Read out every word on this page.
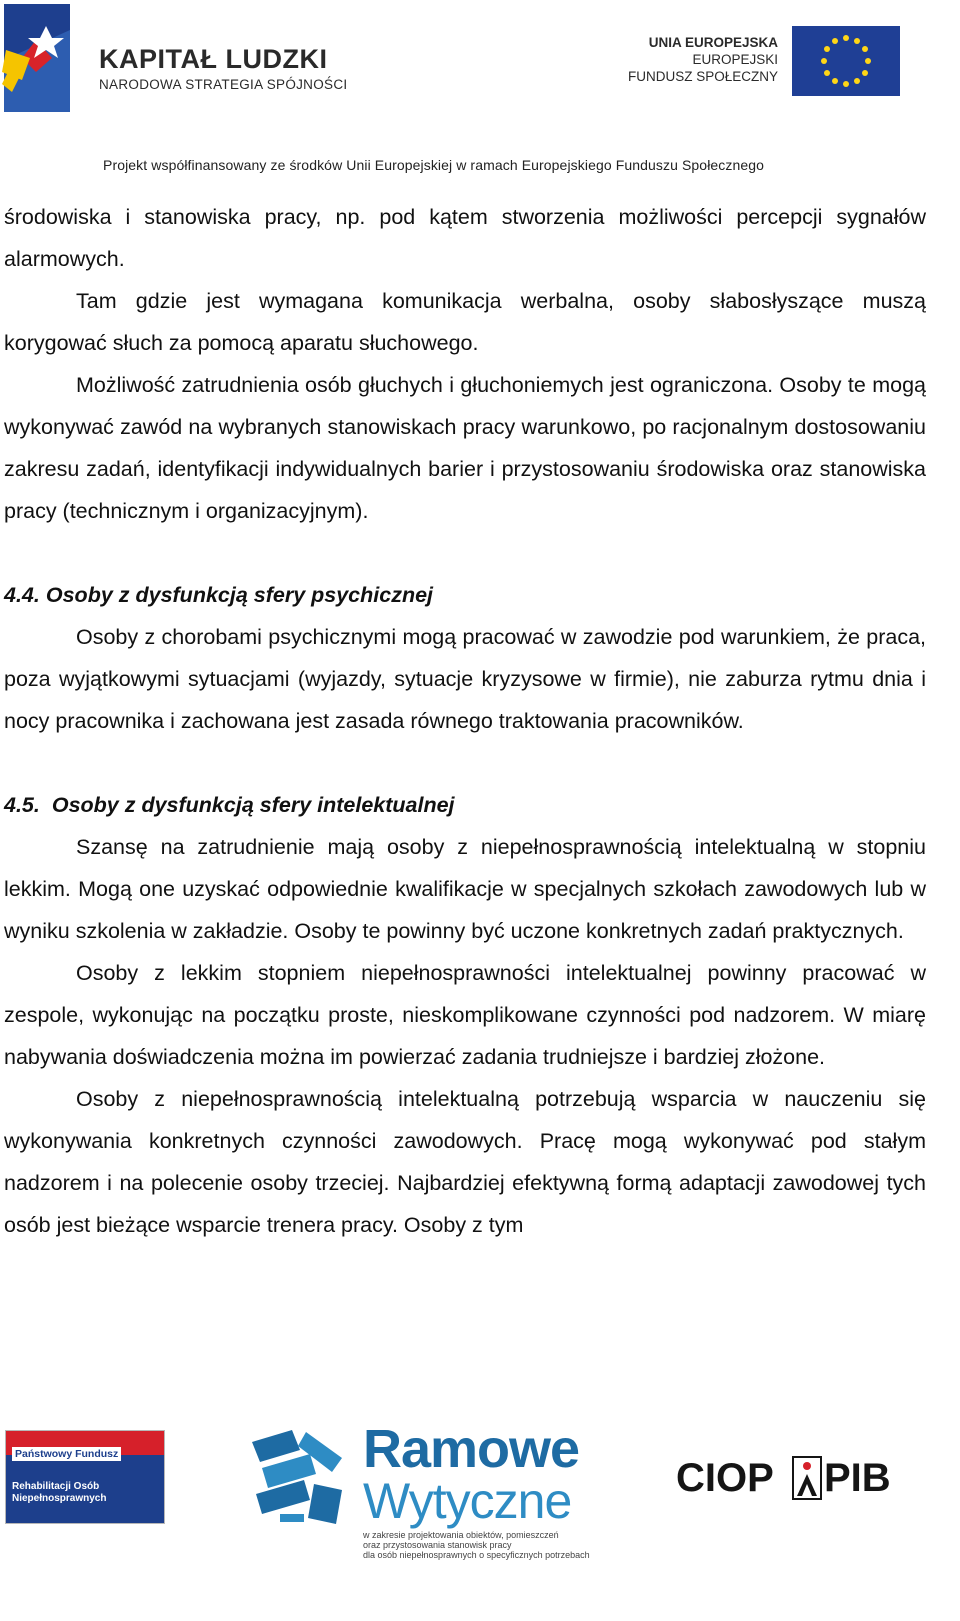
KAPITAŁ LUDZKI
NARODOWA STRATEGIA SPÓJNOŚCI
UNIA EUROPEJSKA
EUROPEJSKI
FUNDUSZ SPOŁECZNY
Projekt współfinansowany ze środków Unii Europejskiej w ramach Europejskiego Funduszu Społecznego

środowiska i stanowiska pracy, np. pod kątem stworzenia możliwości percepcji sygnałów alarmowych.

Tam gdzie jest wymagana komunikacja werbalna, osoby słabosłyszące muszą korygować słuch za pomocą aparatu słuchowego.

Możliwość zatrudnienia osób głuchych i głuchoniemych jest ograniczona. Osoby te mogą wykonywać zawód na wybranych stanowiskach pracy warunkowo, po racjonalnym dostosowaniu zakresu zadań, identyfikacji indywidualnych barier i przystosowaniu środowiska oraz stanowiska pracy (technicznym i organizacyjnym).

4.4. Osoby z dysfunkcją sfery psychicznej

Osoby z chorobami psychicznymi mogą pracować w zawodzie pod warunkiem, że praca, poza wyjątkowymi sytuacjami (wyjazdy, sytuacje kryzysowe w firmie), nie zaburza rytmu dnia i nocy pracownika i zachowana jest zasada równego traktowania pracowników.

4.5. Osoby z dysfunkcją sfery intelektualnej

Szansę na zatrudnienie mają osoby z niepełnosprawnością intelektualną w stopniu lekkim. Mogą one uzyskać odpowiednie kwalifikacje w specjalnych szkołach zawodowych lub w wyniku szkolenia w zakładzie. Osoby te powinny być uczone konkretnych zadań praktycznych.

Osoby z lekkim stopniem niepełnosprawności intelektualnej powinny pracować w zespole, wykonując na początku proste, nieskomplikowane czynności pod nadzorem. W miarę nabywania doświadczenia można im powierzać zadania trudniejsze i bardziej złożone.

Osoby z niepełnosprawnością intelektualną potrzebują wsparcia w nauczeniu się wykonywania konkretnych czynności zawodowych. Pracę mogą wykonywać pod stałym nadzorem i na polecenie osoby trzeciej. Najbardziej efektywną formą adaptacji zawodowej tych osób jest bieżące wsparcie trenera pracy. Osoby z tym

Państwowy Fundusz
Rehabilitacji Osób
Niepełnosprawnych
Ramowe
Wytyczne
w zakresie projektowania obiektów, pomieszczeń
oraz przystosowania stanowisk pracy
dla osób niepełnosprawnych o specyficznych potrzebach
CIOP PIB
